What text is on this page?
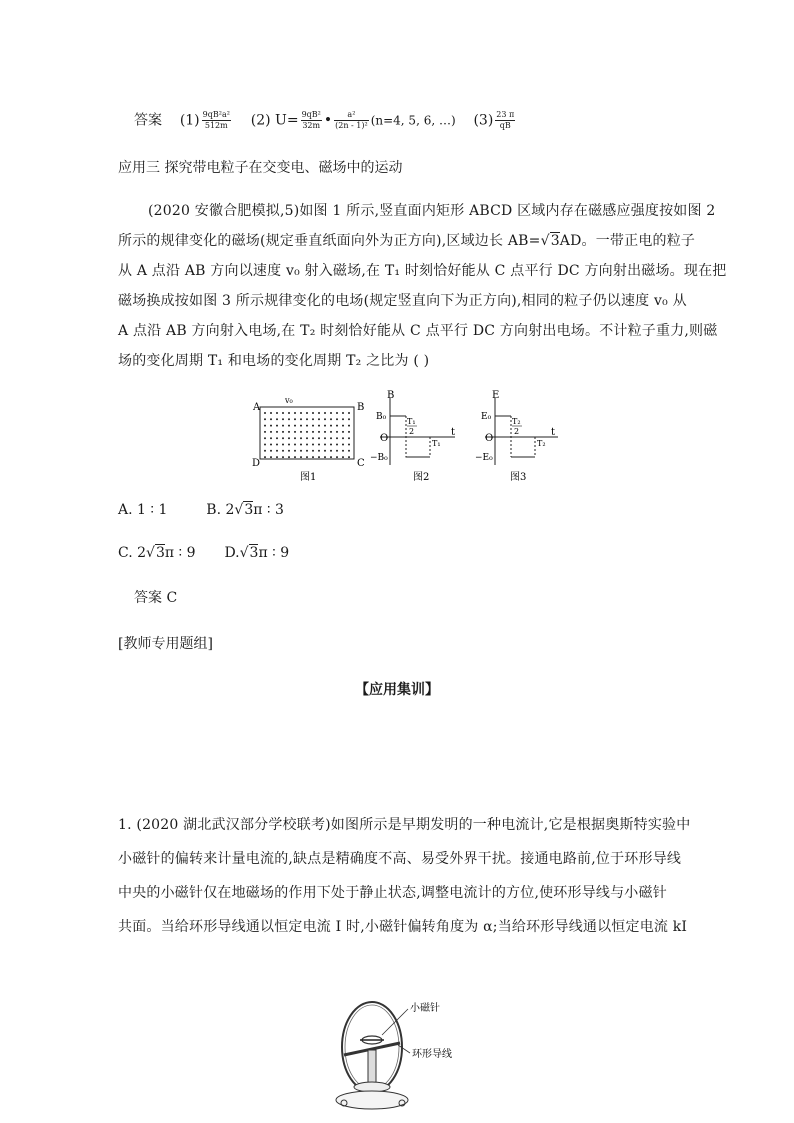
答案 $(1) \frac{\text{9qB²a²}}{512m} (2)$ $U= \frac{\text{9qB²}}{32m}$ • $\frac{\text{a²}}{\text{(2n - 1)²}} (n=4$, 5, 6, …) $(3) \frac{23 \pi}{qB}$
应用三 探究带电粒子在交变电、磁场中的运动
(2020 安徽合肥模拟,5)如图 1 所示,竖直面内矩形 ABCD 区域内存在磁感应强度按如图 2
所示的规律变化的磁场(规定垂直纸面向外为正方向),区域边长 AB=√3AD。一带正电的粒子
从 A 点沿 AB 方向以速度 v₀ 射入磁场,在 T₁ 时刻恰好能从 C 点平行 DC 方向射出磁场。现在把
磁场换成按如图 3 所示规律变化的电场(规定竖直向下为正方向),相同的粒子仍以速度 v₀ 从
A 点沿 AB 方向射入电场,在 T₂ 时刻恰好能从 C 点平行 DC 方向射出电场。不计粒子重力,则磁
场的变化周期 T₁ 和电场的变化周期 T₂ 之比为 ( )
A	B
C
D
v₀
图1
B
t
O
B₀
−B₀
T₁
2
T₁
图2
E
t
O
E₀
−E₀
T₂
2
T₂
图3
A. 1 ∶ 1	B. 2√3π ∶ 3
C. 2√3π ∶ 9 D.√3π ∶ 9
答案 C
[教师专用题组]
【应用集训】
1. (2020 湖北武汉部分学校联考)如图所示是早期发明的一种电流计,它是根据奥斯特实验中
小磁针的偏转来计量电流的,缺点是精确度不高、易受外界干扰。接通电路前,位于环形导线
中央的小磁针仅在地磁场的作用下处于静止状态,调整电流计的方位,使环形导线与小磁针
共面。当给环形导线通以恒定电流 I 时,小磁针偏转角度为 α;当给环形导线通以恒定电流 kI
小磁针
环形导线
